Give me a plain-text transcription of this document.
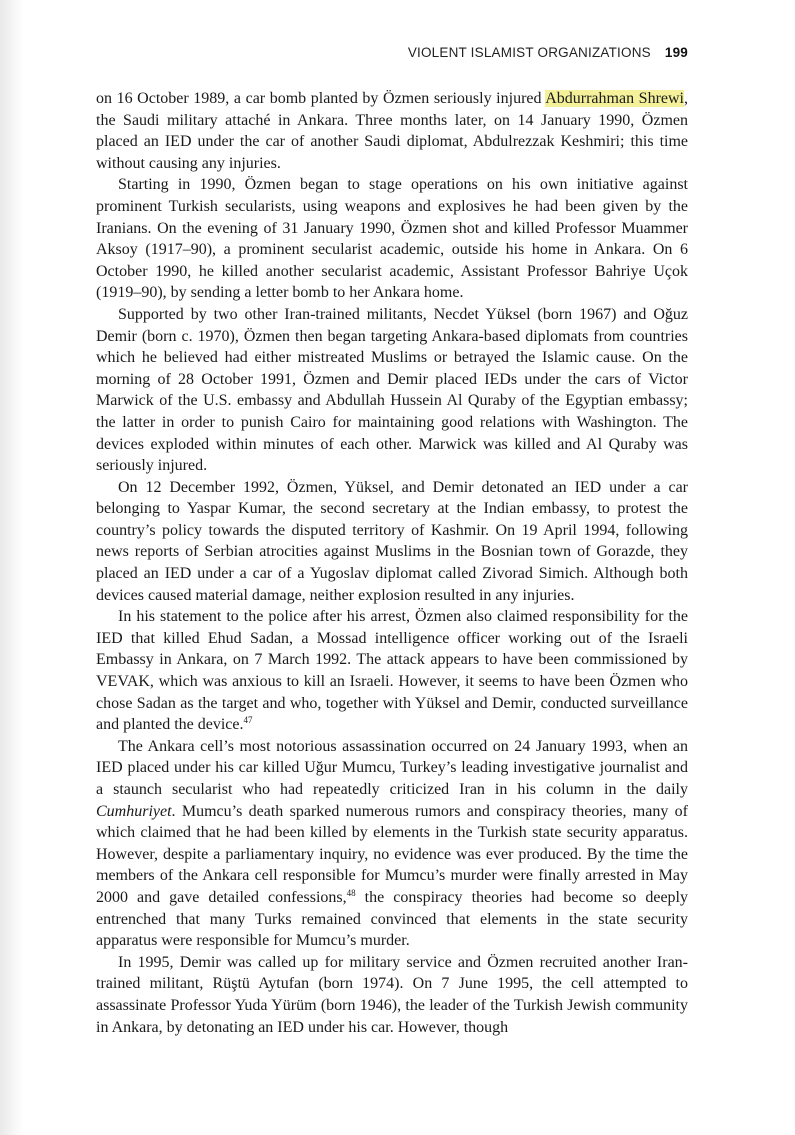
VIOLENT ISLAMIST ORGANIZATIONS 199

on 16 October 1989, a car bomb planted by Özmen seriously injured Abdurrahman Shrewi, the Saudi military attaché in Ankara. Three months later, on 14 January 1990, Özmen placed an IED under the car of another Saudi diplomat, Abdulrezzak Keshmiri; this time without causing any injuries.

Starting in 1990, Özmen began to stage operations on his own initiative against prominent Turkish secularists, using weapons and explosives he had been given by the Iranians. On the evening of 31 January 1990, Özmen shot and killed Professor Muammer Aksoy (1917–90), a prominent secularist academic, outside his home in Ankara. On 6 October 1990, he killed another secularist academic, Assistant Professor Bahriye Uçok (1919–90), by sending a letter bomb to her Ankara home.

Supported by two other Iran-trained militants, Necdet Yüksel (born 1967) and Oğuz Demir (born c. 1970), Özmen then began targeting Ankara-based diplomats from countries which he believed had either mistreated Muslims or betrayed the Islamic cause. On the morning of 28 October 1991, Özmen and Demir placed IEDs under the cars of Victor Marwick of the U.S. embassy and Abdullah Hussein Al Quraby of the Egyptian embassy; the latter in order to punish Cairo for maintaining good relations with Washington. The devices exploded within minutes of each other. Marwick was killed and Al Quraby was seriously injured.

On 12 December 1992, Özmen, Yüksel, and Demir detonated an IED under a car belonging to Yaspar Kumar, the second secretary at the Indian embassy, to protest the country’s policy towards the disputed territory of Kashmir. On 19 April 1994, following news reports of Serbian atrocities against Muslims in the Bosnian town of Gorazde, they placed an IED under a car of a Yugoslav diplomat called Zivorad Simich. Although both devices caused material damage, neither explosion resulted in any injuries.

In his statement to the police after his arrest, Özmen also claimed responsibility for the IED that killed Ehud Sadan, a Mossad intelligence officer working out of the Israeli Embassy in Ankara, on 7 March 1992. The attack appears to have been commissioned by VEVAK, which was anxious to kill an Israeli. However, it seems to have been Özmen who chose Sadan as the target and who, together with Yüksel and Demir, conducted surveillance and planted the device.$^{47}$

The Ankara cell’s most notorious assassination occurred on 24 January 1993, when an IED placed under his car killed Uğur Mumcu, Turkey’s leading investigative journalist and a staunch secularist who had repeatedly criticized Iran in his column in the daily Cumhuriyet. Mumcu’s death sparked numerous rumors and conspiracy theories, many of which claimed that he had been killed by elements in the Turkish state security apparatus. However, despite a parliamentary inquiry, no evidence was ever produced. By the time the members of the Ankara cell responsible for Mumcu’s murder were finally arrested in May 2000 and gave detailed confessions,$^{48}$ the conspiracy theories had become so deeply entrenched that many Turks remained convinced that elements in the state security apparatus were responsible for Mumcu’s murder.

In 1995, Demir was called up for military service and Özmen recruited another Iran-trained militant, Rüştü Aytufan (born 1974). On 7 June 1995, the cell attempted to assassinate Professor Yuda Yürüm (born 1946), the leader of the Turkish Jewish community in Ankara, by detonating an IED under his car. However, though
